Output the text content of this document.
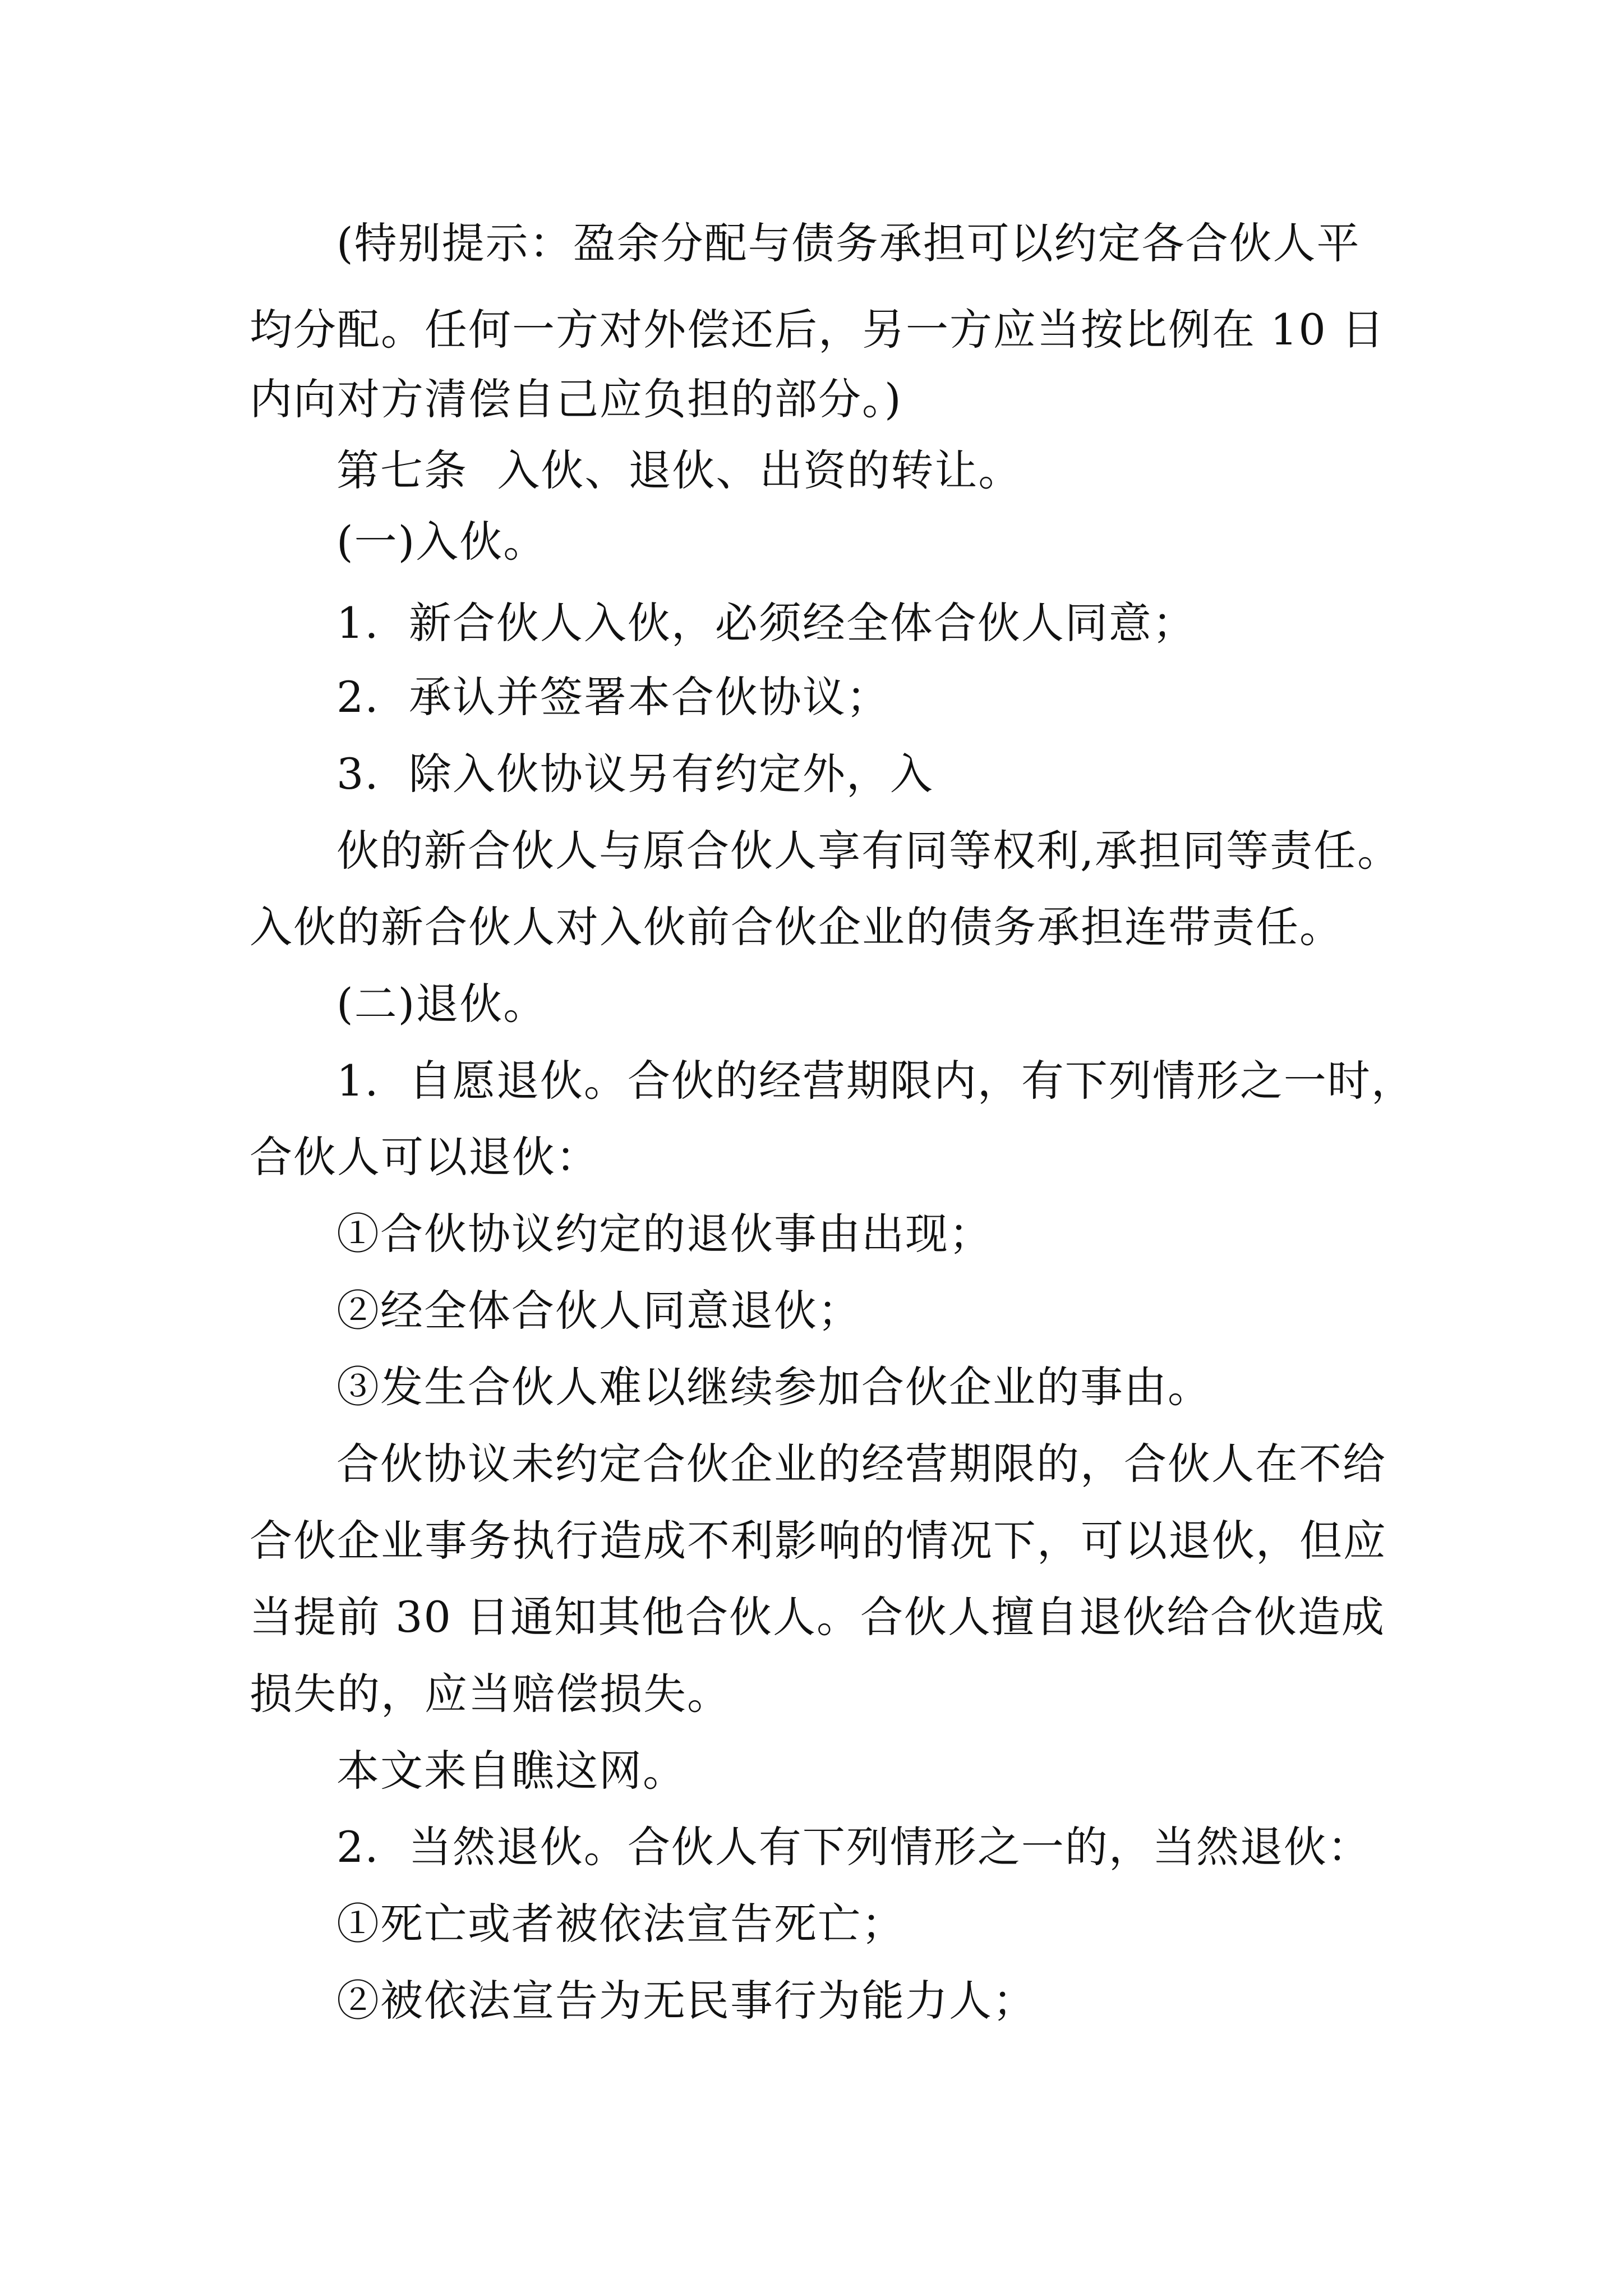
(特别提示：盈余分配与债务承担可以约定各合伙人平
均分配。任何一方对外偿还后，另一方应当按比例在 10 日
内向对方清偿自己应负担的部分。)
第七条  入伙、退伙、出资的转让。
(一)入伙。
1.  新合伙人入伙，必须经全体合伙人同意；
2.  承认并签署本合伙协议；
3.  除入伙协议另有约定外，入
伙的新合伙人与原合伙人享有同等权利,承担同等责任。
入伙的新合伙人对入伙前合伙企业的债务承担连带责任。
(二)退伙。
1.  自愿退伙。合伙的经营期限内，有下列情形之一时，
合伙人可以退伙：
①合伙协议约定的退伙事由出现；
②经全体合伙人同意退伙；
③发生合伙人难以继续参加合伙企业的事由。
合伙协议未约定合伙企业的经营期限的，合伙人在不给
合伙企业事务执行造成不利影响的情况下，可以退伙，但应
当提前 30 日通知其他合伙人。合伙人擅自退伙给合伙造成
损失的，应当赔偿损失。
本文来自瞧这网。
2.  当然退伙。合伙人有下列情形之一的，当然退伙：
①死亡或者被依法宣告死亡；
②被依法宣告为无民事行为能力人；
